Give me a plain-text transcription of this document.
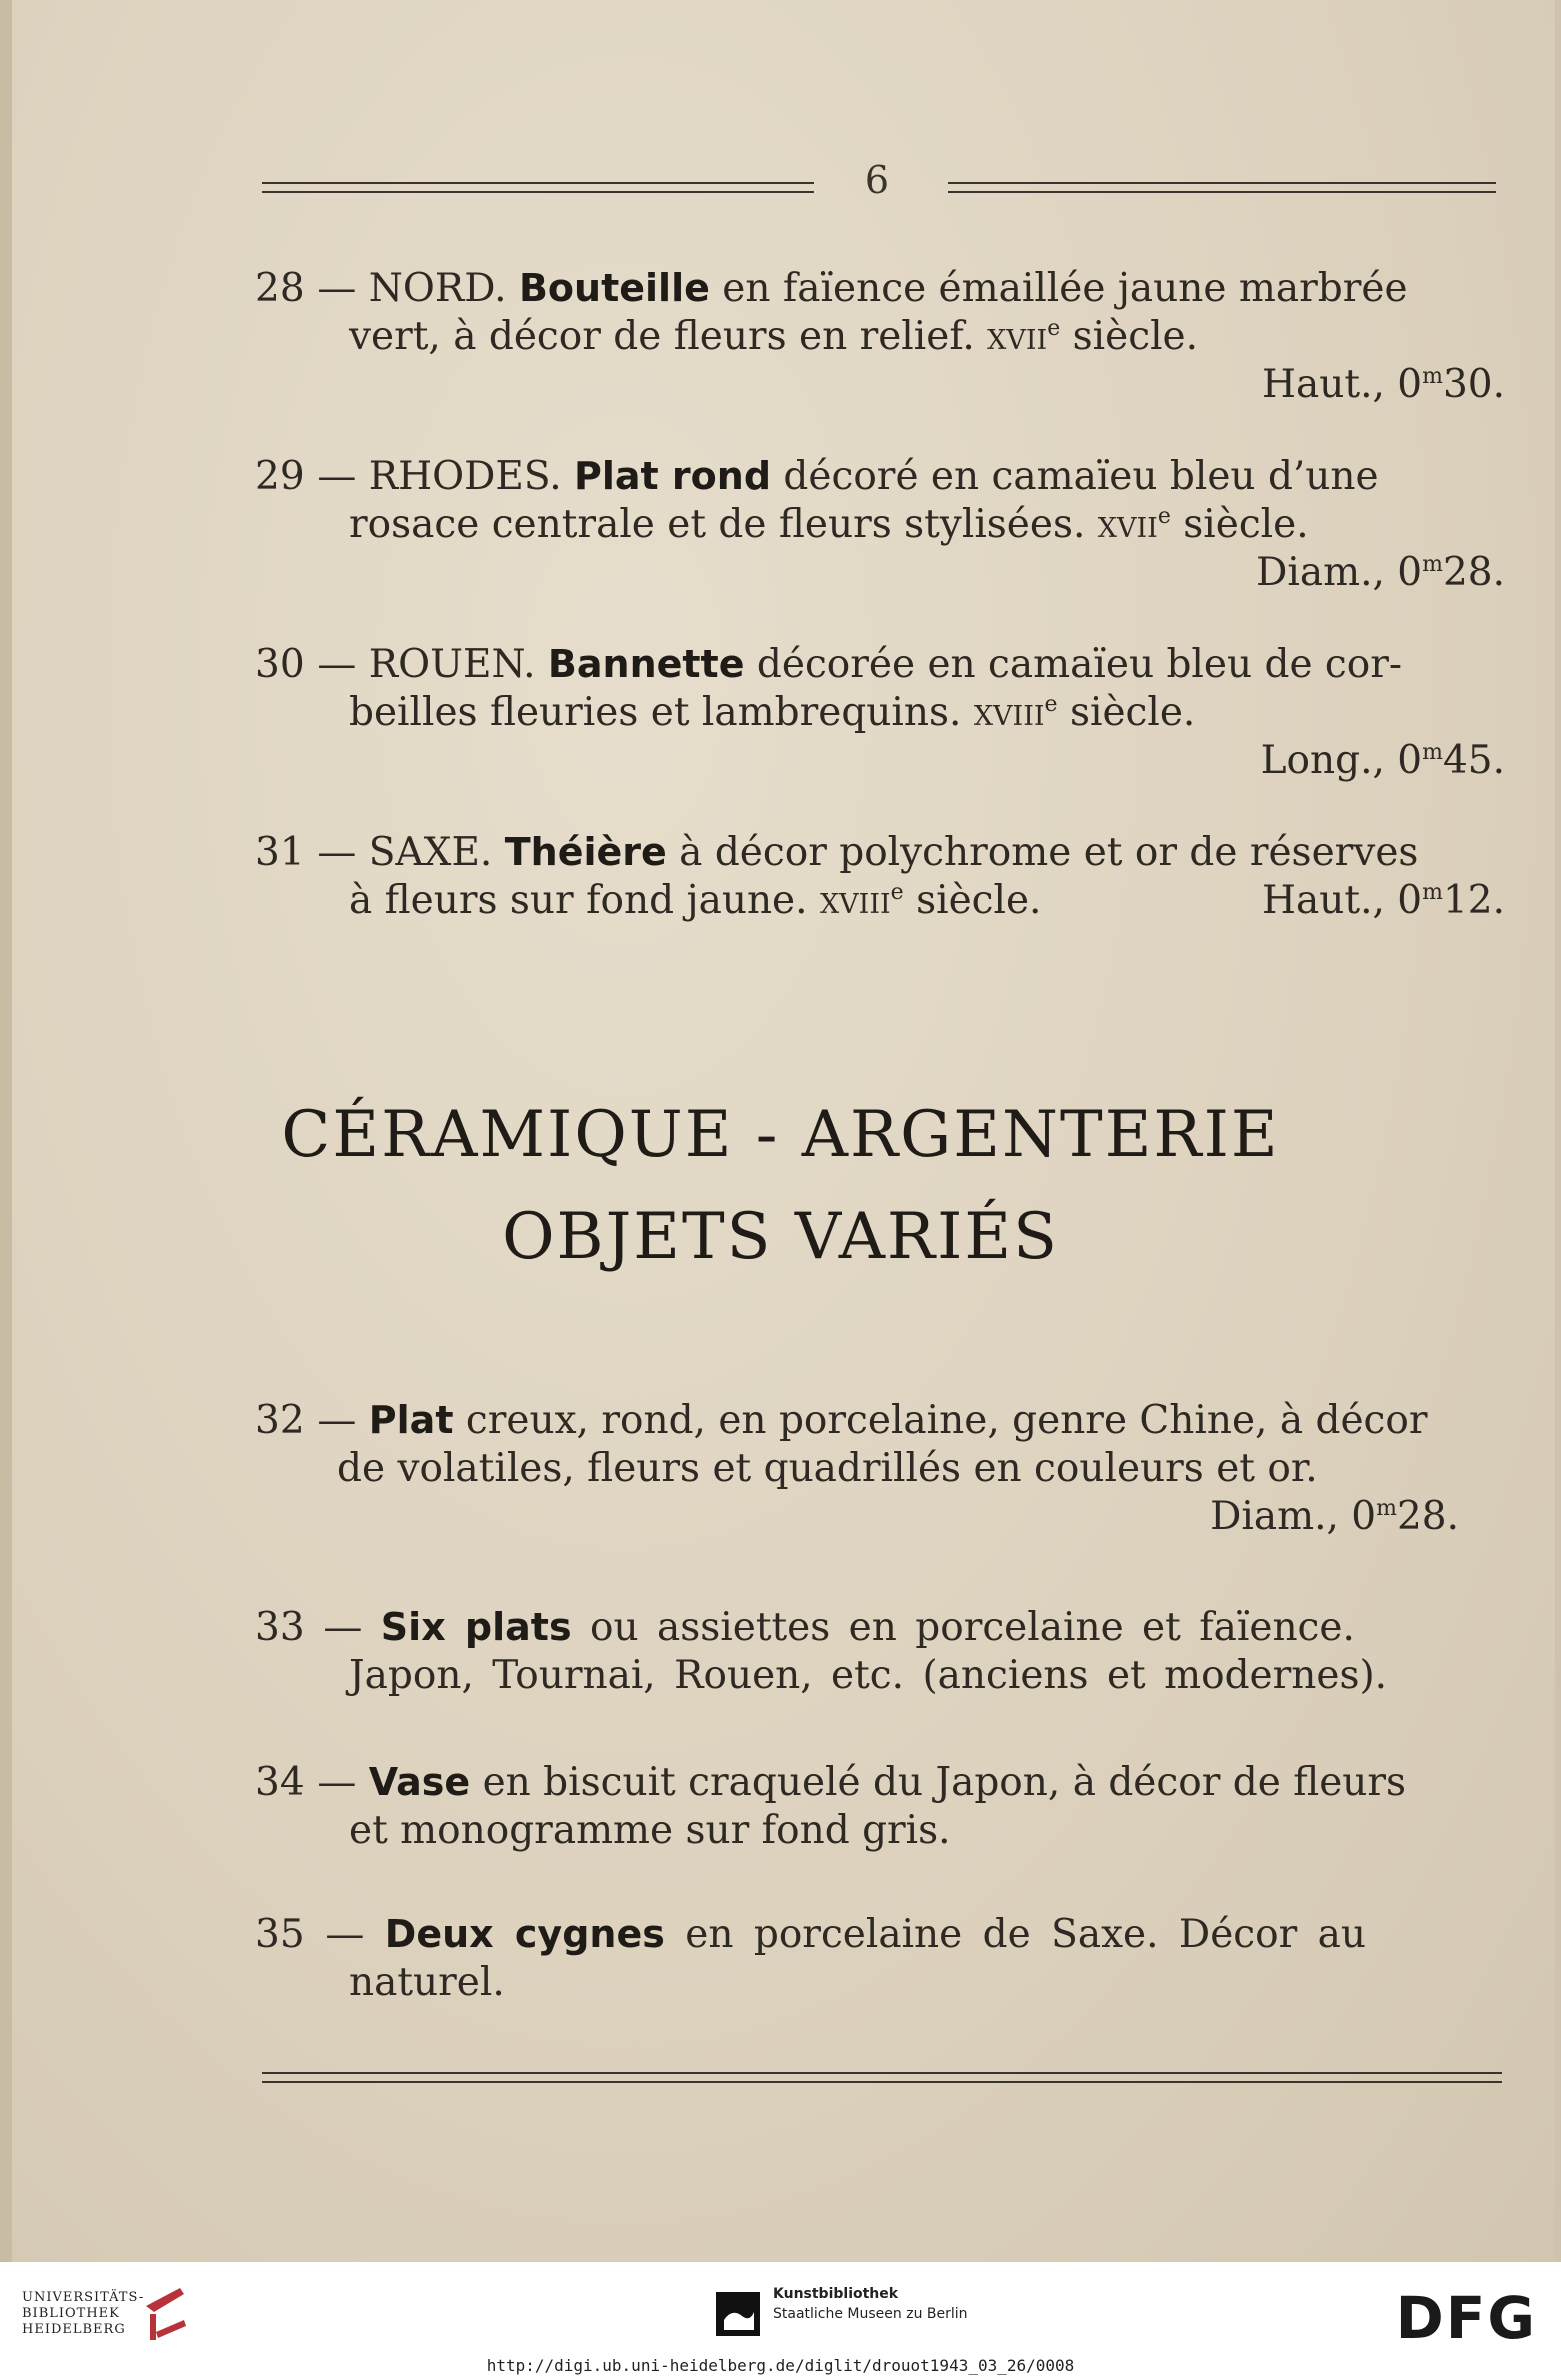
6
28 — NORD. Bouteille en faïence émaillée jaune marbrée
vert, à décor de fleurs en relief. xvii$^e$ siècle.
Haut., 0$^m$30.
29 — RHODES. Plat rond décoré en camaïeu bleu d’une
rosace centrale et de fleurs stylisées. xvii$^e$ siècle.
Diam., 0$^m$28.
30 — ROUEN. Bannette décorée en camaïeu bleu de cor-
beilles fleuries et lambrequins. xviii$^e$ siècle.
Long., 0$^m$45.
31 — SAXE. Théière à décor polychrome et or de réserves
à fleurs sur fond jaune. xviii$^e$ siècle.	Haut., 0$^m$12.
CÉRAMIQUE - ARGENTERIE
OBJETS VARIÉS
32 — Plat creux, rond, en porcelaine, genre Chine, à décor
de volatiles, fleurs et quadrillés en couleurs et or.
Diam., 0$^m$28.
33 — Six plats ou assiettes en porcelaine et faïence.
Japon, Tournai, Rouen, etc. (anciens et modernes).
34 — Vase en biscuit craquelé du Japon, à décor de fleurs
et monogramme sur fond gris.
35 — Deux cygnes en porcelaine de Saxe. Décor au
naturel.
UNIVERSITÄTS-
BIBLIOTHEK
HEIDELBERG
Kunstbibliothek
Staatliche Museen zu Berlin	DFG
http://digi.ub.uni-heidelberg.de/diglit/drouot1943_03_26/0008
